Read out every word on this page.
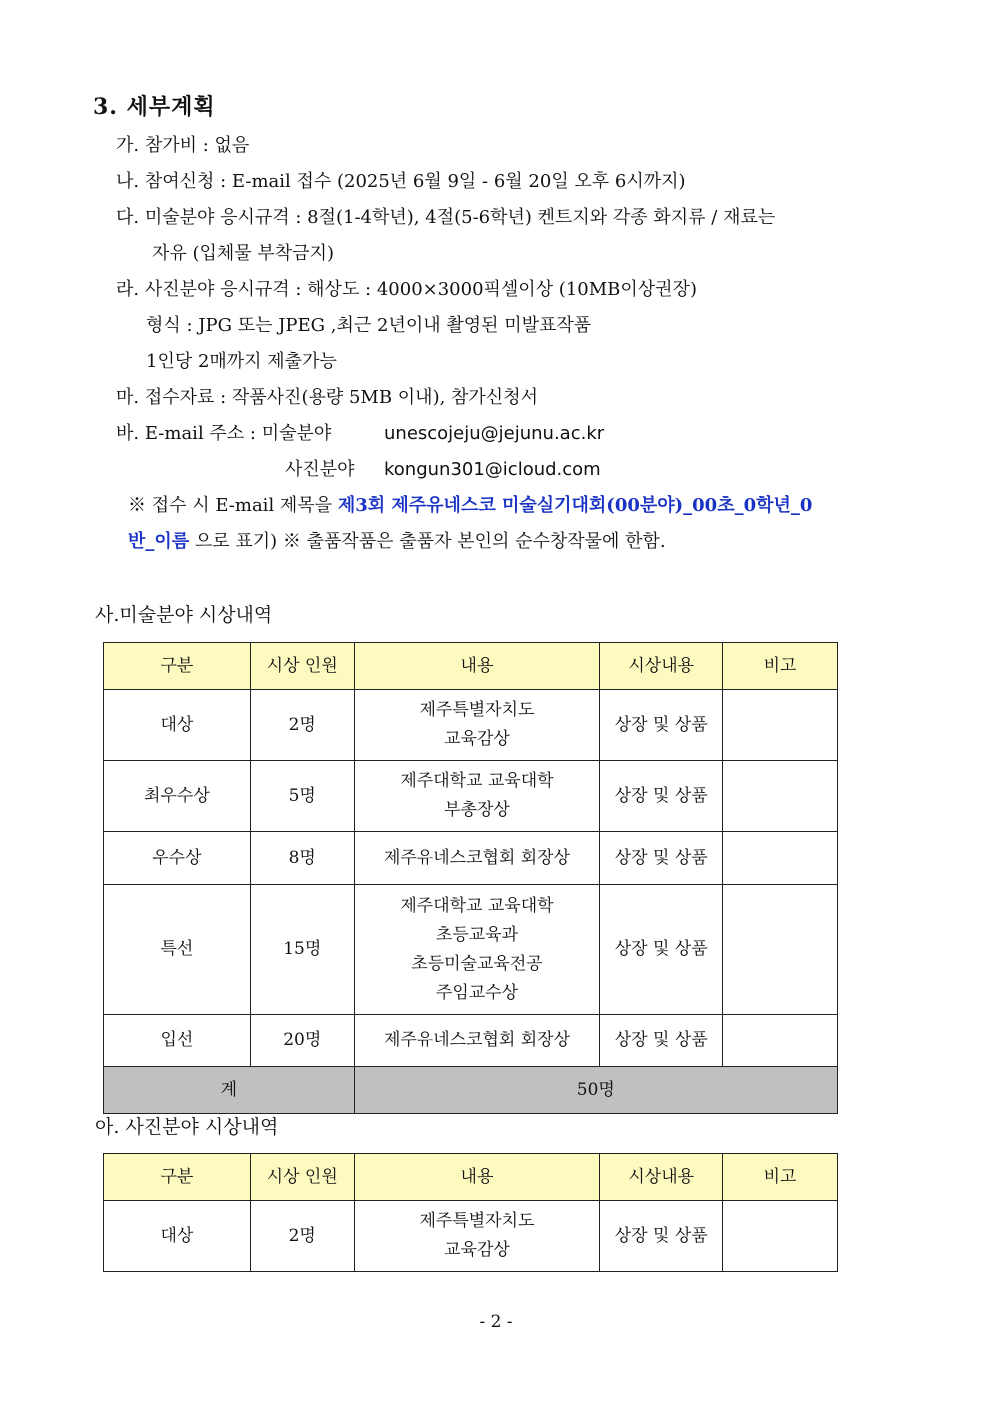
3. 세부계획
가. 참가비 : 없음
나. 참여신청 : E-mail 접수 (2025년 6월 9일 - 6월 20일 오후 6시까지)
다. 미술분야 응시규격 : 8절(1-4학년), 4절(5-6학년) 켄트지와 각종 화지류 / 재료는
자유 (입체물 부착금지)
라. 사진분야 응시규격 : 해상도 : 4000×3000픽셀이상 (10MB이상권장)
형식 : JPG 또는 JPEG ,최근 2년이내 촬영된 미발표작품
1인당 2매까지 제출가능
마. 접수자료 : 작품사진(용량 5MB 이내), 참가신청서
바. E-mail 주소 : 미술분야	unescojeju@jejunu.ac.kr
사진분야 kongun301@icloud.com
※ 접수 시 E-mail 제목을 제3회 제주유네스코 미술실기대회(00분야)_00초_0학년_0
반_이름 으로 표기) ※ 출품작품은 출품자 본인의 순수창작물에 한함.
사.미술분야 시상내역
구분	시상 인원	내용	시상내용	비고
대상	2명	제주특별자치도
교육감상	상장 및 상품	
최우수상	5명	제주대학교 교육대학
부총장상	상장 및 상품	
우수상	8명	제주유네스코협회 회장상	상장 및 상품	
특선	15명	제주대학교 교육대학
초등교육과
초등미술교육전공
주임교수상	상장 및 상품	
입선	20명	제주유네스코협회 회장상	상장 및 상품	
계		50명		
아. 사진분야 시상내역
구분	시상 인원	내용	시상내용	비고
대상	2명	제주특별자치도
교육감상	상장 및 상품	
- 2 -
